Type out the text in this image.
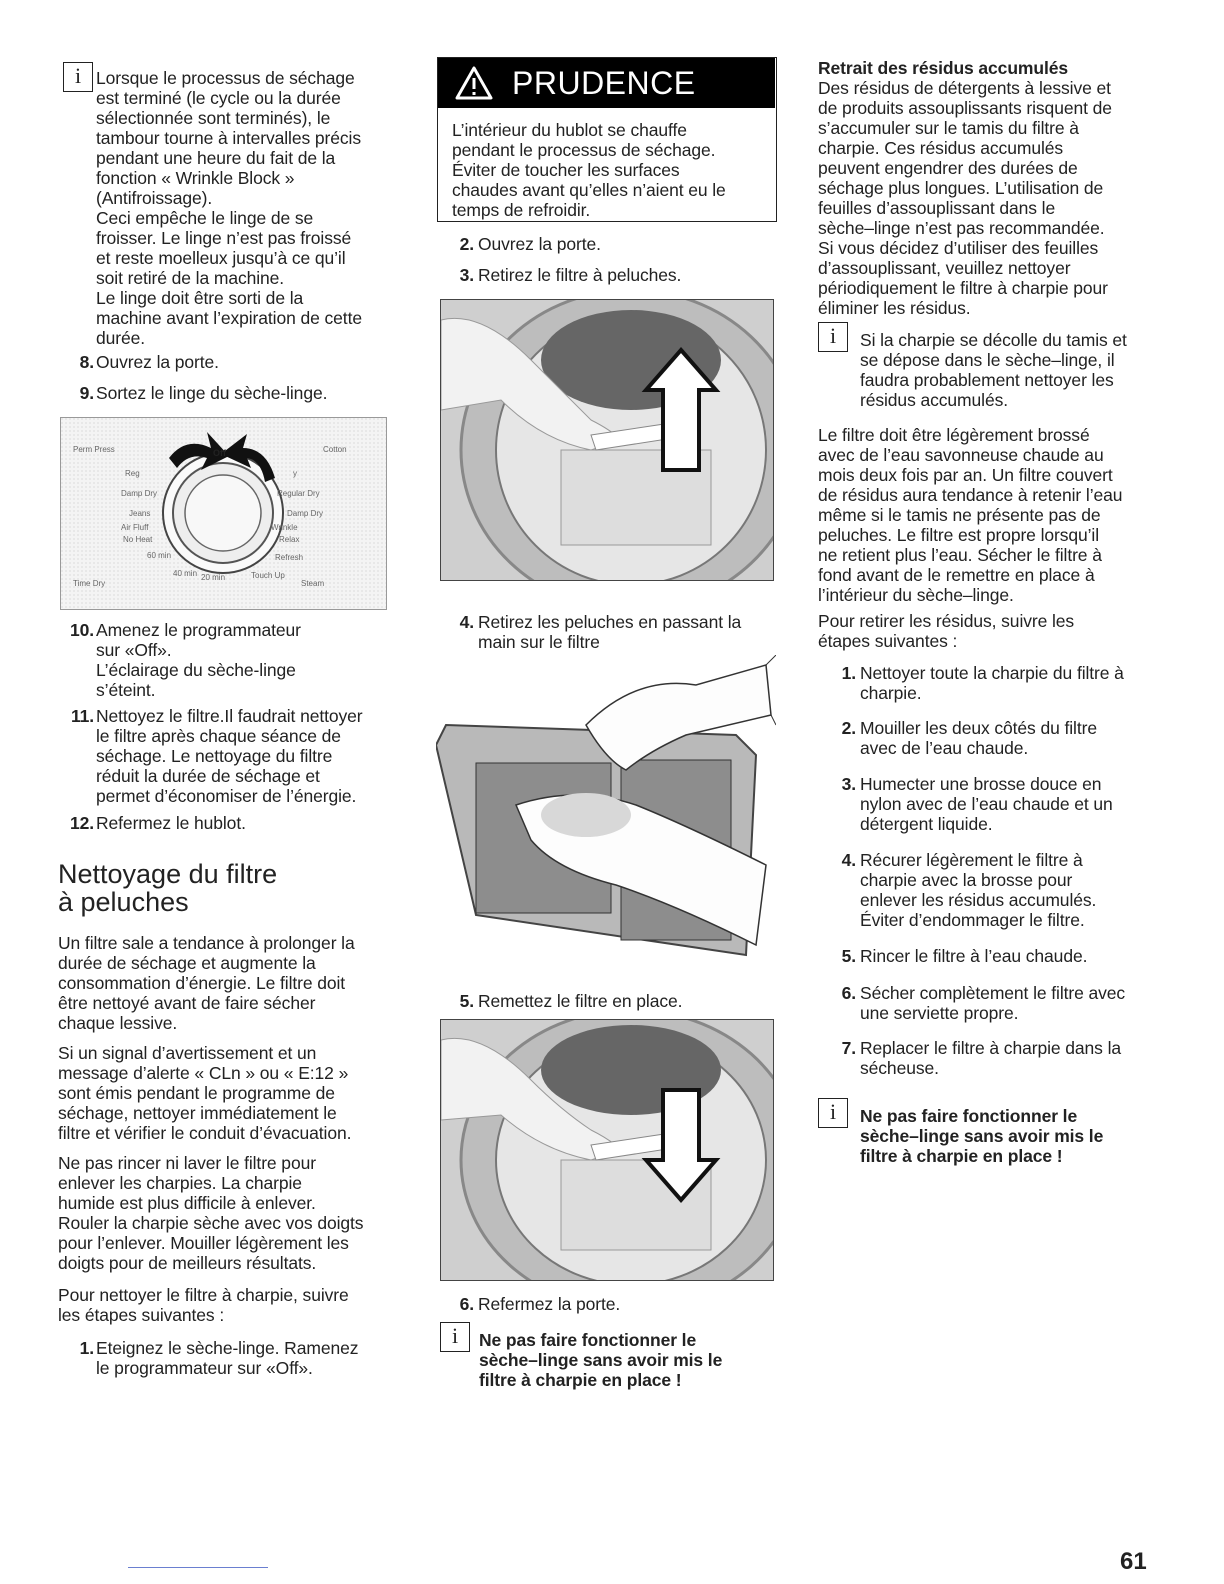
i Lorsque le processus de séchage
est terminé (le cycle ou la durée
sélectionnée sont terminés), le
tambour tourne à intervalles précis
pendant une heure du fait de la
fonction « Wrinkle Block »
(Antifroissage).
Ceci empêche le linge de se
froisser. Le linge n’est pas froissé
et reste moelleux jusqu’à ce qu’il
soit retiré de la machine.
Le linge doit être sorti de la
machine avant l’expiration de cette
durée.
8. Ouvrez la porte.
9. Sortez le linge du sèche-linge.
Off
Perm Press	Cotton
Reg	y
Damp Dry	Regular Dry
Jeans	Damp Dry
Air Fluff
No Heat
Wrinkle
Relax
60 min	Refresh
40 min 20 min	Touch Up
Time Dry	Steam
10. Amenez le programmateur
sur «Off».
L’éclairage du sèche-linge
s’éteint.
11. Nettoyez le filtre.Il faudrait nettoyer
le filtre après chaque séance de
séchage. Le nettoyage du filtre
réduit la durée de séchage et
permet d’économiser de l’énergie.
12. Refermez le hublot.
Nettoyage du filtre
à peluches
Un filtre sale a tendance à prolonger la
durée de séchage et augmente la
consommation d’énergie. Le filtre doit
être nettoyé avant de faire sécher
chaque lessive.
Si un signal d’avertissement et un
message d’alerte « CLn » ou « E:12 »
sont émis pendant le programme de
séchage, nettoyer immédiatement le
filtre et vérifier le conduit d’évacuation.
Ne pas rincer ni laver le filtre pour
enlever les charpies. La charpie
humide est plus difficile à enlever.
Rouler la charpie sèche avec vos doigts
pour l’enlever. Mouiller légèrement les
doigts pour de meilleurs résultats.
Pour nettoyer le filtre à charpie, suivre
les étapes suivantes :
1. Eteignez le sèche-linge. Ramenez
le programmateur sur «Off».
PRUDENCE
L’intérieur du hublot se chauffe
pendant le processus de séchage.
Éviter de toucher les surfaces
chaudes avant qu’elles n’aient eu le
temps de refroidir.
2. Ouvrez la porte.
3. Retirez le filtre à peluches.
4. Retirez les peluches en passant la
main sur le filtre
5. Remettez le filtre en place.
6. Refermez la porte.
i	Ne pas faire fonctionner le
sèche–linge sans avoir mis le
filtre à charpie en place !
Retrait des résidus accumulés
Des résidus de détergents à lessive et
de produits assouplissants risquent de
s’accumuler sur le tamis du filtre à
charpie. Ces résidus accumulés
peuvent engendrer des durées de
séchage plus longues. L’utilisation de
feuilles d’assouplissant dans le
sèche–linge n’est pas recommandée.
Si vous décidez d’utiliser des feuilles
d’assouplissant, veuillez nettoyer
périodiquement le filtre à charpie pour
éliminer les résidus.
i	Si la charpie se décolle du tamis et
se dépose dans le sèche–linge, il
faudra probablement nettoyer les
résidus accumulés.
Le filtre doit être légèrement brossé
avec de l’eau savonneuse chaude au
mois deux fois par an. Un filtre couvert
de résidus aura tendance à retenir l’eau
même si le tamis ne présente pas de
peluches. Le filtre est propre lorsqu’il
ne retient plus l’eau. Sécher le filtre à
fond avant de le remettre en place à
l’intérieur du sèche–linge.
Pour retirer les résidus, suivre les
étapes suivantes :
1. Nettoyer toute la charpie du filtre à
charpie.
2. Mouiller les deux côtés du filtre
avec de l’eau chaude.
3. Humecter une brosse douce en
nylon avec de l’eau chaude et un
détergent liquide.
4. Récurer légèrement le filtre à
charpie avec la brosse pour
enlever les résidus accumulés.
Éviter d’endommager le filtre.
5. Rincer le filtre à l’eau chaude.
6. Sécher complètement le filtre avec
une serviette propre.
7. Replacer le filtre à charpie dans la
sécheuse.
i	Ne pas faire fonctionner le
sèche–linge sans avoir mis le
filtre à charpie en place !
61
